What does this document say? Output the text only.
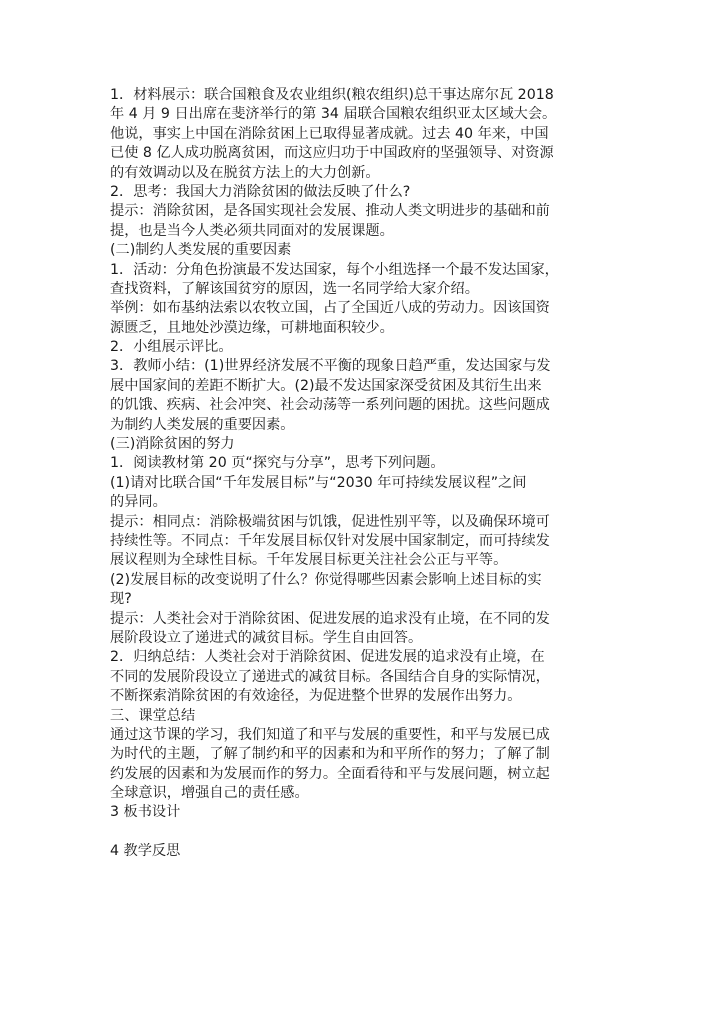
1．材料展示：联合国粮食及农业组织(粮农组织)总干事达席尔瓦 2018
年 4 月 9 日出席在斐济举行的第 34 届联合国粮农组织亚太区域大会。
他说，事实上中国在消除贫困上已取得显著成就。过去 40 年来，中国
已使 8 亿人成功脱离贫困，而这应归功于中国政府的坚强领导、对资源
的有效调动以及在脱贫方法上的大力创新。
2．思考：我国大力消除贫困的做法反映了什么?
提示：消除贫困，是各国实现社会发展、推动人类文明进步的基础和前
提，也是当今人类必须共同面对的发展课题。
(二)制约人类发展的重要因素
1．活动：分角色扮演最不发达国家，每个小组选择一个最不发达国家，
查找资料，了解该国贫穷的原因，选一名同学给大家介绍。
举例：如布基纳法索以农牧立国，占了全国近八成的劳动力。因该国资
源匮乏，且地处沙漠边缘，可耕地面积较少。
2．小组展示评比。
3．教师小结：(1)世界经济发展不平衡的现象日趋严重，发达国家与发
展中国家间的差距不断扩大。(2)最不发达国家深受贫困及其衍生出来
的饥饿、疾病、社会冲突、社会动荡等一系列问题的困扰。这些问题成
为制约人类发展的重要因素。
(三)消除贫困的努力
1．阅读教材第 20 页“探究与分享”，思考下列问题。
(1)请对比联合国“千年发展目标”与“2030 年可持续发展议程”之间
的异同。
提示：相同点：消除极端贫困与饥饿，促进性别平等，以及确保环境可
持续性等。不同点：千年发展目标仅针对发展中国家制定，而可持续发
展议程则为全球性目标。千年发展目标更关注社会公正与平等。
(2)发展目标的改变说明了什么？你觉得哪些因素会影响上述目标的实
现?
提示：人类社会对于消除贫困、促进发展的追求没有止境，在不同的发
展阶段设立了递进式的减贫目标。学生自由回答。
2．归纳总结：人类社会对于消除贫困、促进发展的追求没有止境，在
不同的发展阶段设立了递进式的减贫目标。各国结合自身的实际情况，
不断探索消除贫困的有效途径，为促进整个世界的发展作出努力。
三、课堂总结
通过这节课的学习，我们知道了和平与发展的重要性，和平与发展已成
为时代的主题，了解了制约和平的因素和为和平所作的努力；了解了制
约发展的因素和为发展而作的努力。全面看待和平与发展问题，树立起
全球意识，增强自己的责任感。
3 板书设计
4 教学反思
